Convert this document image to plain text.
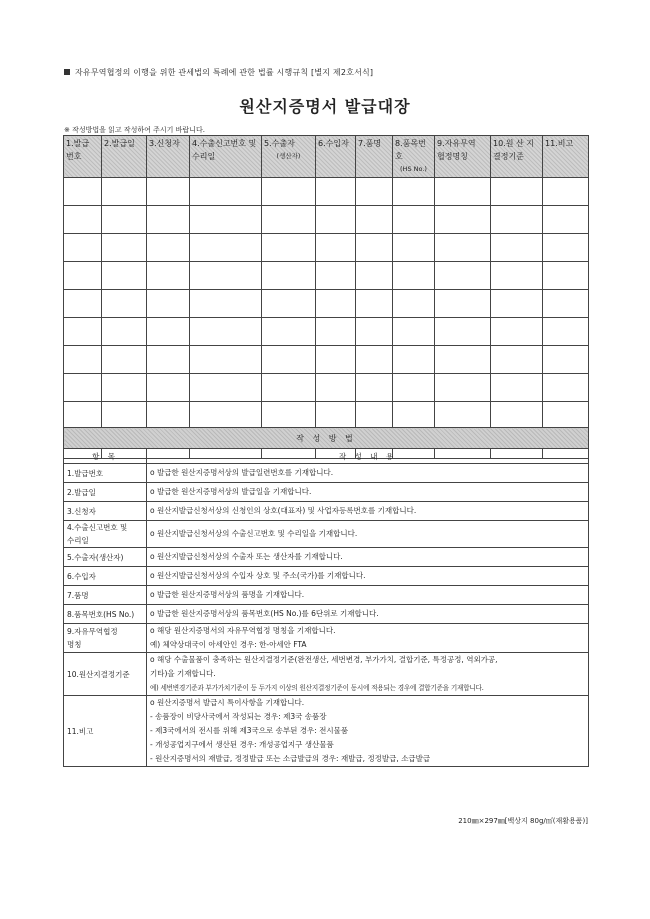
자유무역협정의 이행을 위한 관세법의 특례에 관한 법률 시행규칙 [별지 제2호서식]
원산지증명서 발급대장
※ 작성방법을 읽고 작성하여 주시기 바랍니다.
1.발급
번호	2.발급일	3.신청자	4.수출신고번호 및
수리일	5.수출자
(생산자)	6.수입자	7.품명	8.품목번호
(HS No.)	9.자유무역
협정명칭	10.원 산 지
결정기준	11.비고

작 성 방 법	
항 목	작 성 내 용

1.발급번호	o 발급한 원산지증명서상의 발급일련번호를 기재합니다.

2.발급일	o 발급한 원산지증명서상의 발급일을 기재합니다.

3.신청자	o 원산지발급신청서상의 신청인의 상호(대표자) 및 사업자등록번호를 기재합니다.

4.수출신고번호 및
수리일	o 원산지발급신청서상의 수출신고번호 및 수리일을 기재합니다.

5.수출자(생산자)	o 원산지발급신청서상의 수출자 또는 생산자를 기재합니다.

6.수입자	o 원산지발급신청서상의 수입자 상호 및 주소(국가)를 기재합니다.

7.품명	o 발급한 원산지증명서상의 품명을 기재합니다.

8.품목번호(HS No.)	o 발급한 원산지증명서상의 품목번호(HS No.)를 6단위로 기재합니다.

9.자유무역협정
명칭	o 해당 원산지증명서의 자유무역협정 명칭을 기재합니다.
예) 체약상대국이 아세안인 경우: 한-아세안 FTA

10.원산지결정기준	o 해당 수출물품이 충족하는 원산지결정기준(완전생산, 세번변경, 부가가치, 결합기준, 특정공정, 역외가공,
기타)을 기재합니다.
예) 세번변경기준과 부가가치기준이 등 두가지 이상의 원산지결정기준이 동시에 적용되는 경우에 결합기준을 기재합니다.

11.비고	o 원산지증명서 발급시 특이사항을 기재합니다.
- 송품장이 비당사국에서 작성되는 경우: 제3국 송품장
- 제3국에서의 전시를 위해 제3국으로 송부된 경우: 전시물품
- 개성공업지구에서 생산된 경우: 개성공업지구 생산물품
- 원산지증명서의 재발급, 정정발급 또는 소급발급의 경우: 재발급, 정정발급, 소급발급
210㎜×297㎜[백상지 80g/㎡(재활용품)]
